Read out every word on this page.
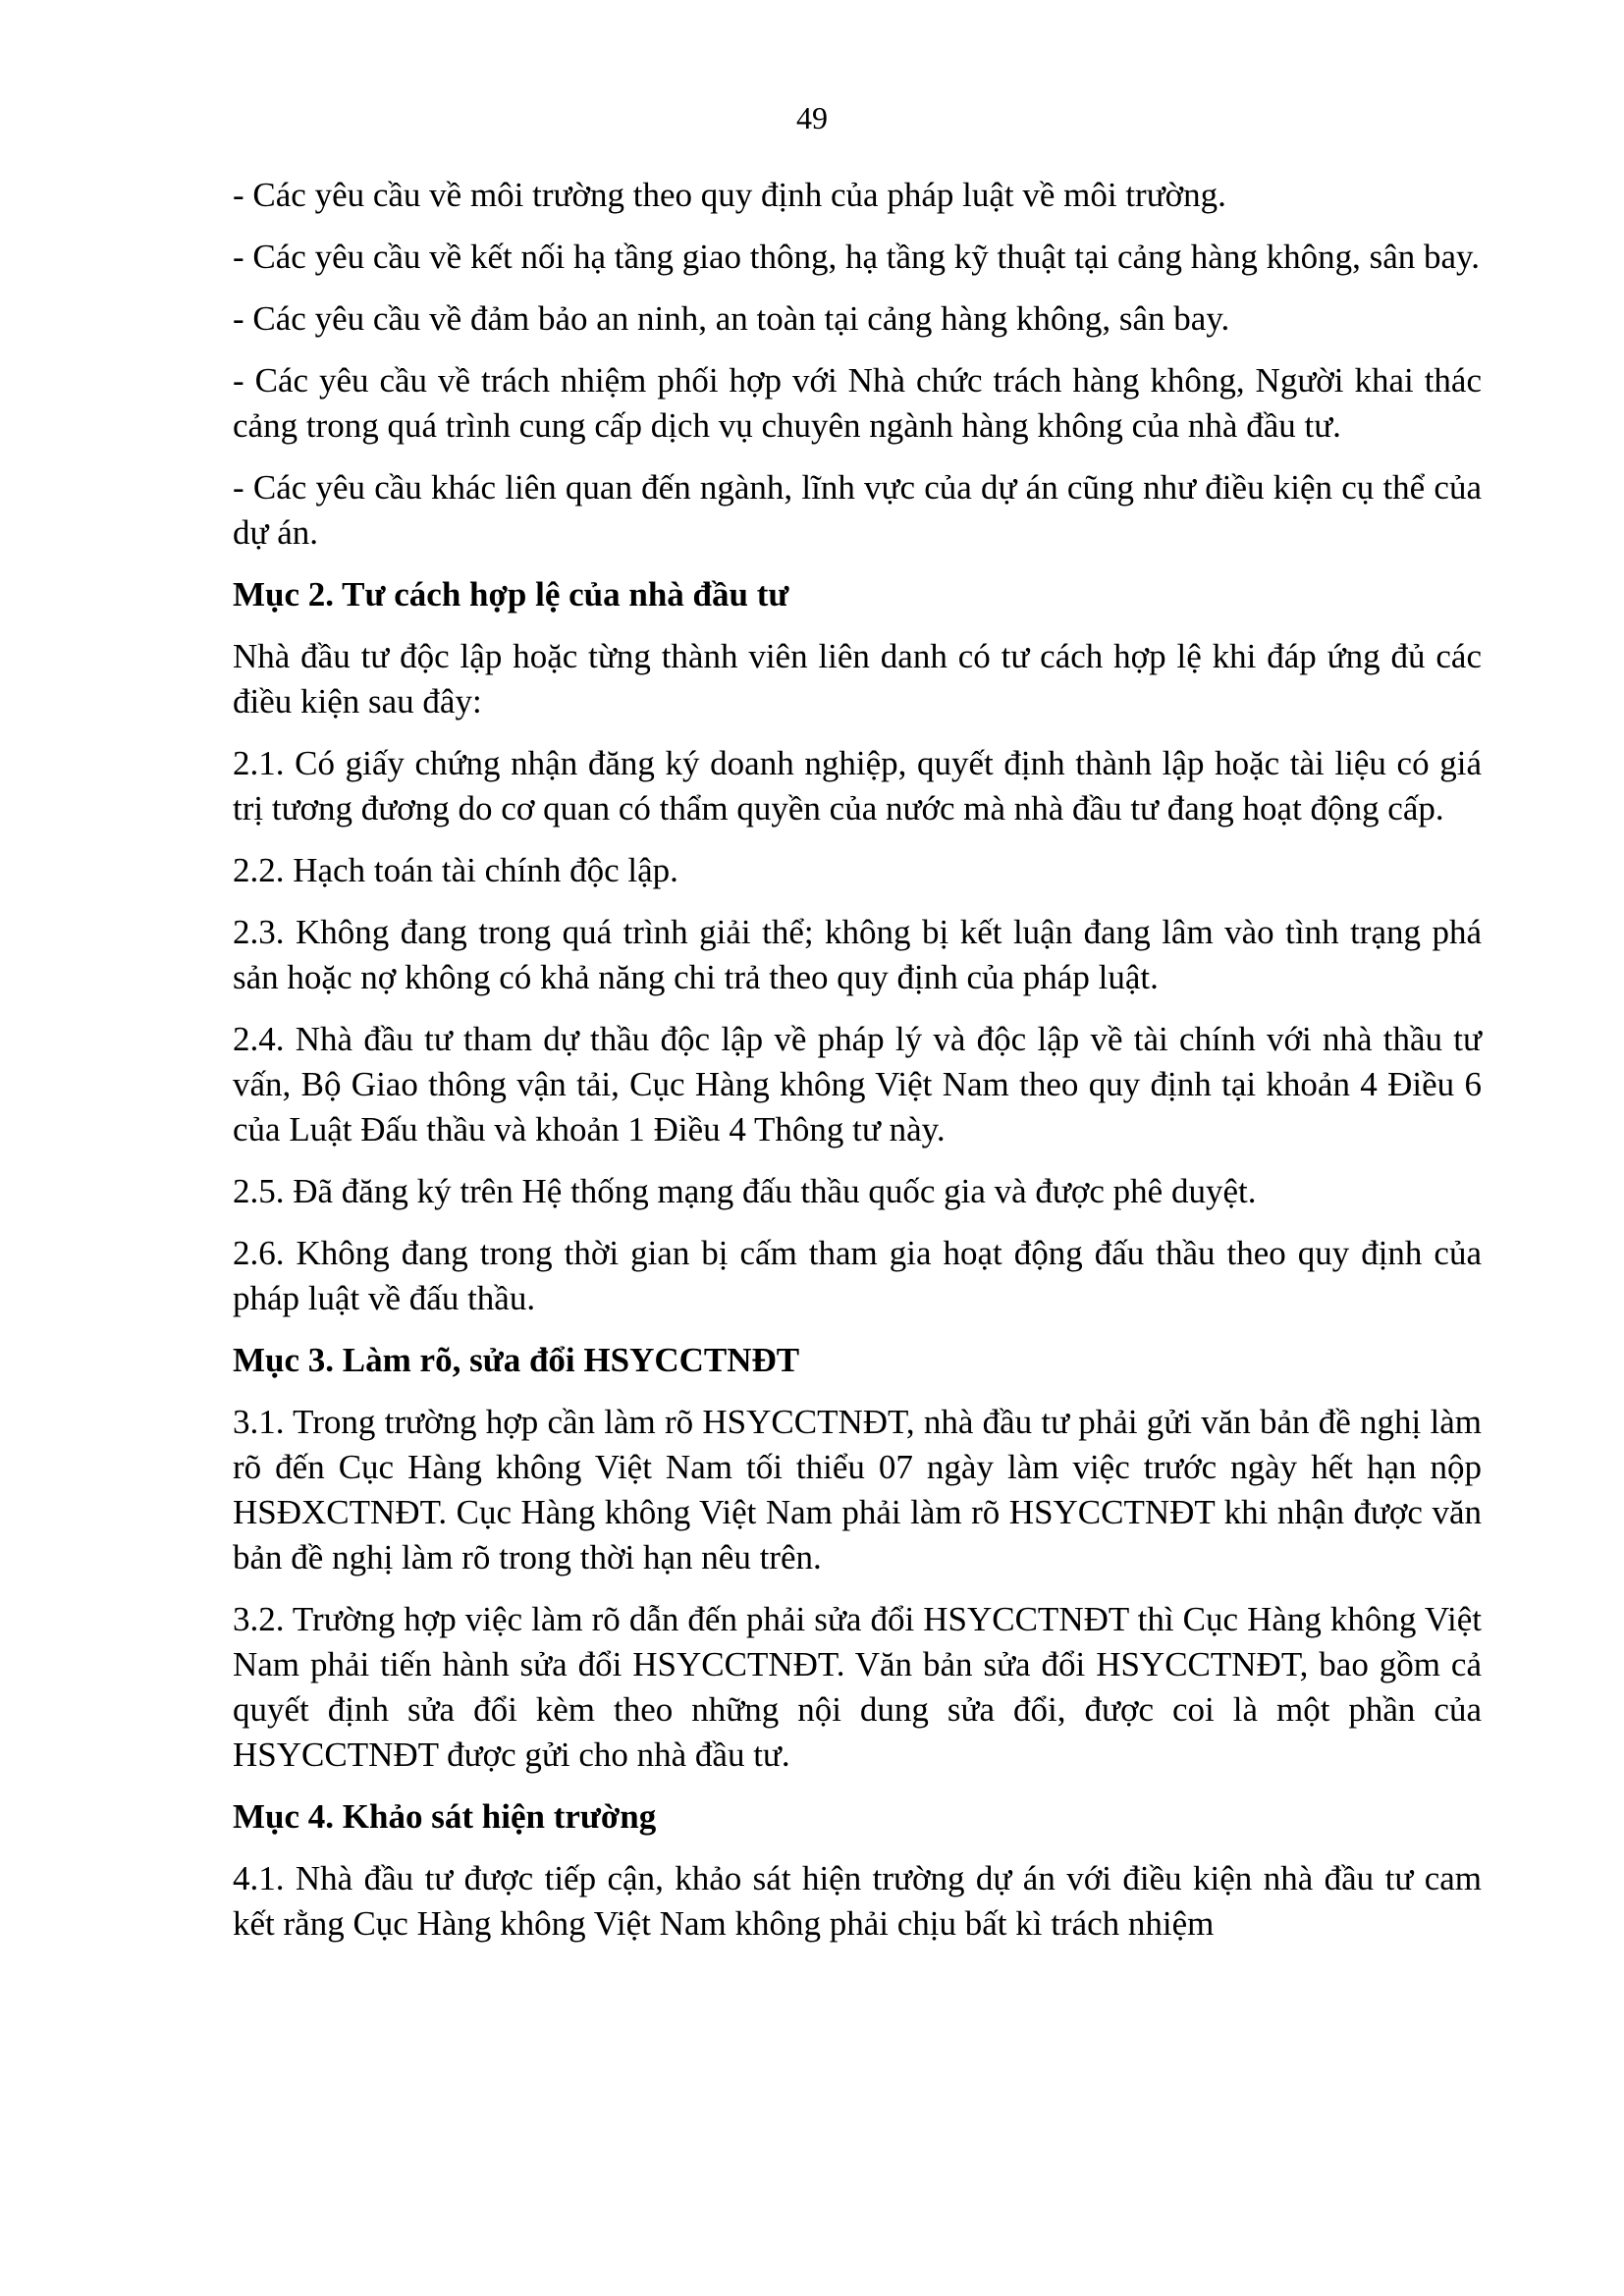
49

- Các yêu cầu về môi trường theo quy định của pháp luật về môi trường.

- Các yêu cầu về kết nối hạ tầng giao thông, hạ tầng kỹ thuật tại cảng hàng không, sân bay.

- Các yêu cầu về đảm bảo an ninh, an toàn tại cảng hàng không, sân bay.

- Các yêu cầu về trách nhiệm phối hợp với Nhà chức trách hàng không, Người khai thác cảng trong quá trình cung cấp dịch vụ chuyên ngành hàng không của nhà đầu tư.

- Các yêu cầu khác liên quan đến ngành, lĩnh vực của dự án cũng như điều kiện cụ thể của dự án.

Mục 2. Tư cách hợp lệ của nhà đầu tư

Nhà đầu tư độc lập hoặc từng thành viên liên danh có tư cách hợp lệ khi đáp ứng đủ các điều kiện sau đây:

2.1. Có giấy chứng nhận đăng ký doanh nghiệp, quyết định thành lập hoặc tài liệu có giá trị tương đương do cơ quan có thẩm quyền của nước mà nhà đầu tư đang hoạt động cấp.

2.2. Hạch toán tài chính độc lập.

2.3. Không đang trong quá trình giải thể; không bị kết luận đang lâm vào tình trạng phá sản hoặc nợ không có khả năng chi trả theo quy định của pháp luật.

2.4. Nhà đầu tư tham dự thầu độc lập về pháp lý và độc lập về tài chính với nhà thầu tư vấn, Bộ Giao thông vận tải, Cục Hàng không Việt Nam theo quy định tại khoản 4 Điều 6 của Luật Đấu thầu và khoản 1 Điều 4 Thông tư này.

2.5. Đã đăng ký trên Hệ thống mạng đấu thầu quốc gia và được phê duyệt.

2.6. Không đang trong thời gian bị cấm tham gia hoạt động đấu thầu theo quy định của pháp luật về đấu thầu.

Mục 3. Làm rõ, sửa đổi HSYCCTNĐT

3.1. Trong trường hợp cần làm rõ HSYCCTNĐT, nhà đầu tư phải gửi văn bản đề nghị làm rõ đến Cục Hàng không Việt Nam tối thiểu 07 ngày làm việc trước ngày hết hạn nộp HSĐXCTNĐT. Cục Hàng không Việt Nam phải làm rõ HSYCCTNĐT khi nhận được văn bản đề nghị làm rõ trong thời hạn nêu trên.

3.2. Trường hợp việc làm rõ dẫn đến phải sửa đổi HSYCCTNĐT thì Cục Hàng không Việt Nam phải tiến hành sửa đổi HSYCCTNĐT. Văn bản sửa đổi HSYCCTNĐT, bao gồm cả quyết định sửa đổi kèm theo những nội dung sửa đổi, được coi là một phần của HSYCCTNĐT được gửi cho nhà đầu tư.

Mục 4. Khảo sát hiện trường

4.1. Nhà đầu tư được tiếp cận, khảo sát hiện trường dự án với điều kiện nhà đầu tư cam kết rằng Cục Hàng không Việt Nam không phải chịu bất kì trách nhiệm
